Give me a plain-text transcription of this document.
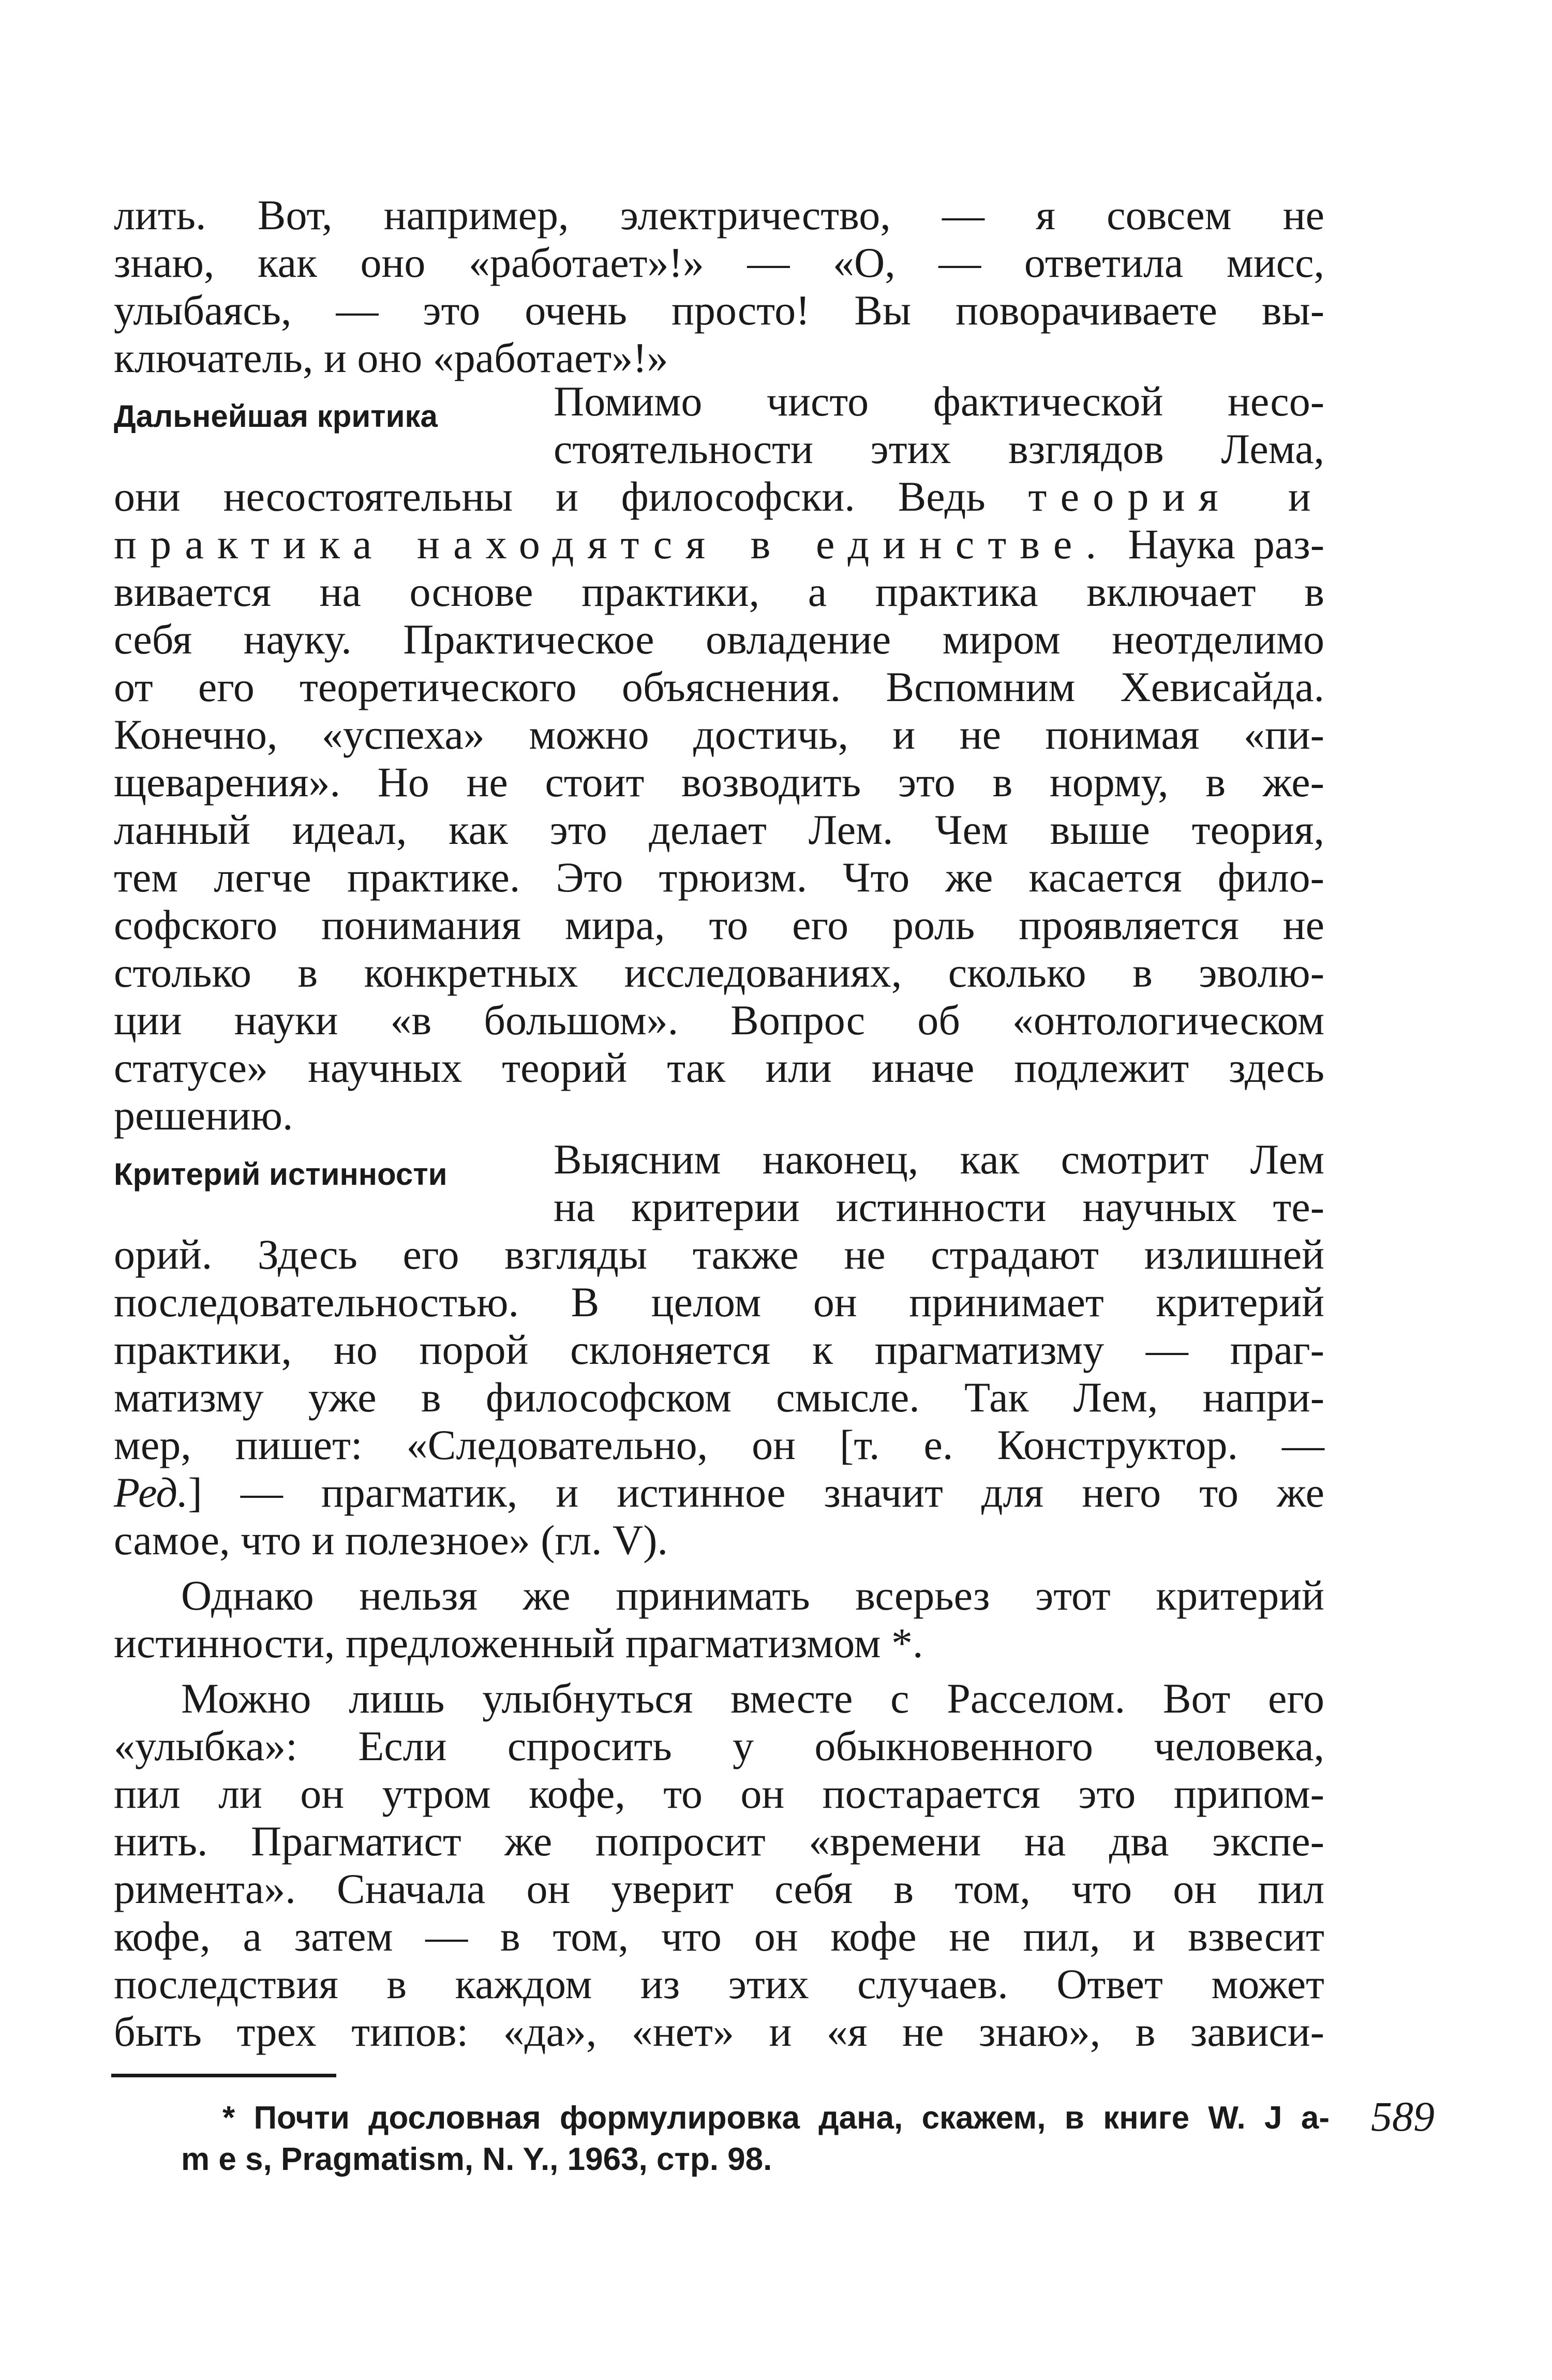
лить. Вот, например, электричество, — я совсем не
знаю, как оно «работает»!» — «О, — ответила мисс,
улыбаясь, — это очень просто! Вы поворачиваете вы-
ключатель, и оно «работает»!»
Дальнейшая критика	Помимо чисто фактической несо-
стоятельности этих взглядов Лема,
они несостоятельны и философски. Ведь теория и
практика находятся в единстве. Наука раз-
вивается на основе практики, а практика включает в
себя науку. Практическое овладение миром неотделимо
от его теоретического объяснения. Вспомним Хевисайда.
Конечно, «успеха» можно достичь, и не понимая «пи-
щеварения». Но не стоит возводить это в норму, в же-
ланный идеал, как это делает Лем. Чем выше теория,
тем легче практике. Это трюизм. Что же касается фило-
софского понимания мира, то его роль проявляется не
столько в конкретных исследованиях, сколько в эволю-
ции науки «в большом». Вопрос об «онтологическом
статусе» научных теорий так или иначе подлежит здесь
решению.
Критерий истинности	Выясним наконец, как смотрит Лем
на критерии истинности научных те-
орий. Здесь его взгляды также не страдают излишней
последовательностью. В целом он принимает критерий
практики, но порой склоняется к прагматизму — праг-
матизму уже в философском смысле. Так Лем, напри-
мер, пишет: «Следовательно, он [т. е. Конструктор. —
Ред.] — прагматик, и истинное значит для него то же
самое, что и полезное» (гл. V).
Однако нельзя же принимать всерьез этот критерий
истинности, предложенный прагматизмом *.
Можно лишь улыбнуться вместе с Расселом. Вот его
«улыбка»: Если спросить у обыкновенного человека,
пил ли он утром кофе, то он постарается это припом-
нить. Прагматист же попросит «времени на два экспе-
римента». Сначала он уверит себя в том, что он пил
кофе, а затем — в том, что он кофе не пил, и взвесит
последствия в каждом из этих случаев. Ответ может
быть трех типов: «да», «нет» и «я не знаю», в зависи-
* Почти дословная формулировка дана, скажем, в книге W. J a-
m e s, Pragmatism, N. Y., 1963, стр. 98.
589
